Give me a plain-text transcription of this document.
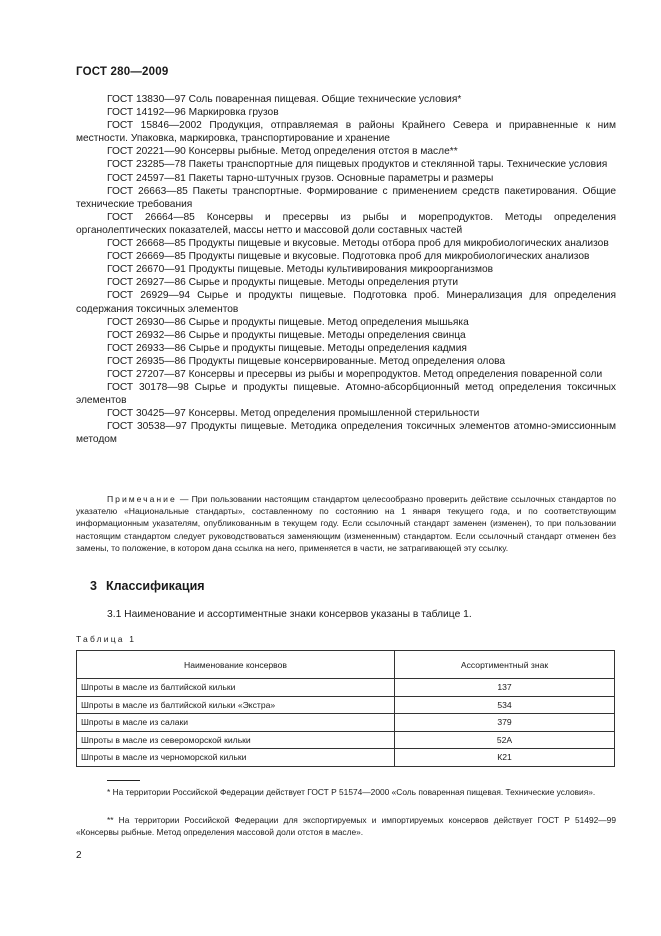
ГОСТ 280—2009

ГОСТ 13830—97 Соль поваренная пищевая. Общие технические условия*

ГОСТ 14192—96 Маркировка грузов

ГОСТ 15846—2002 Продукция, отправляемая в районы Крайнего Севера и приравненные к ним местности. Упаковка, маркировка, транспортирование и хранение

ГОСТ 20221—90 Консервы рыбные. Метод определения отстоя в масле**

ГОСТ 23285—78 Пакеты транспортные для пищевых продуктов и стеклянной тары. Технические условия

ГОСТ 24597—81 Пакеты тарно-штучных грузов. Основные параметры и размеры

ГОСТ 26663—85 Пакеты транспортные. Формирование с применением средств пакетирования. Общие технические требования

ГОСТ 26664—85 Консервы и пресервы из рыбы и морепродуктов. Методы определения органолептических показателей, массы нетто и массовой доли составных частей

ГОСТ 26668—85 Продукты пищевые и вкусовые. Методы отбора проб для микробиологических анализов

ГОСТ 26669—85 Продукты пищевые и вкусовые. Подготовка проб для микробиологических анализов

ГОСТ 26670—91 Продукты пищевые. Методы культивирования микроорганизмов

ГОСТ 26927—86 Сырье и продукты пищевые. Методы определения ртути

ГОСТ 26929—94 Сырье и продукты пищевые. Подготовка проб. Минерализация для определения содержания токсичных элементов

ГОСТ 26930—86 Сырье и продукты пищевые. Метод определения мышьяка

ГОСТ 26932—86 Сырье и продукты пищевые. Методы определения свинца

ГОСТ 26933—86 Сырье и продукты пищевые. Методы определения кадмия

ГОСТ 26935—86 Продукты пищевые консервированные. Метод определения олова

ГОСТ 27207—87 Консервы и пресервы из рыбы и морепродуктов. Метод определения поваренной соли

ГОСТ 30178—98 Сырье и продукты пищевые. Атомно-абсорбционный метод определения токсичных элементов

ГОСТ 30425—97 Консервы. Метод определения промышленной стерильности

ГОСТ 30538—97 Продукты пищевые. Методика определения токсичных элементов атомно-эмиссионным методом

Примечание — При пользовании настоящим стандартом целесообразно проверить действие ссылочных стандартов по указателю «Национальные стандарты», составленному по состоянию на 1 января текущего года, и по соответствующим информационным указателям, опубликованным в текущем году. Если ссылочный стандарт заменен (изменен), то при пользовании настоящим стандартом следует руководствоваться заменяющим (измененным) стандартом. Если ссылочный стандарт отменен без замены, то положение, в котором дана ссылка на него, применяется в части, не затрагивающей эту ссылку.

3 Классификация
3.1 Наименование и ассортиментные знаки консервов указаны в таблице 1.
Таблица 1
Наименование консервов	Ассортиментный знак
Шпроты в масле из балтийской кильки	137
Шпроты в масле из балтийской кильки «Экстра»	534
Шпроты в масле из салаки	379
Шпроты в масле из североморской кильки	52А
Шпроты в масле из черноморской кильки	К21

* На территории Российской Федерации действует ГОСТ Р 51574—2000 «Соль поваренная пищевая. Технические условия».

** На территории Российской Федерации для экспортируемых и импортируемых консервов действует ГОСТ Р 51492—99 «Консервы рыбные. Метод определения массовой доли отстоя в масле».

2
